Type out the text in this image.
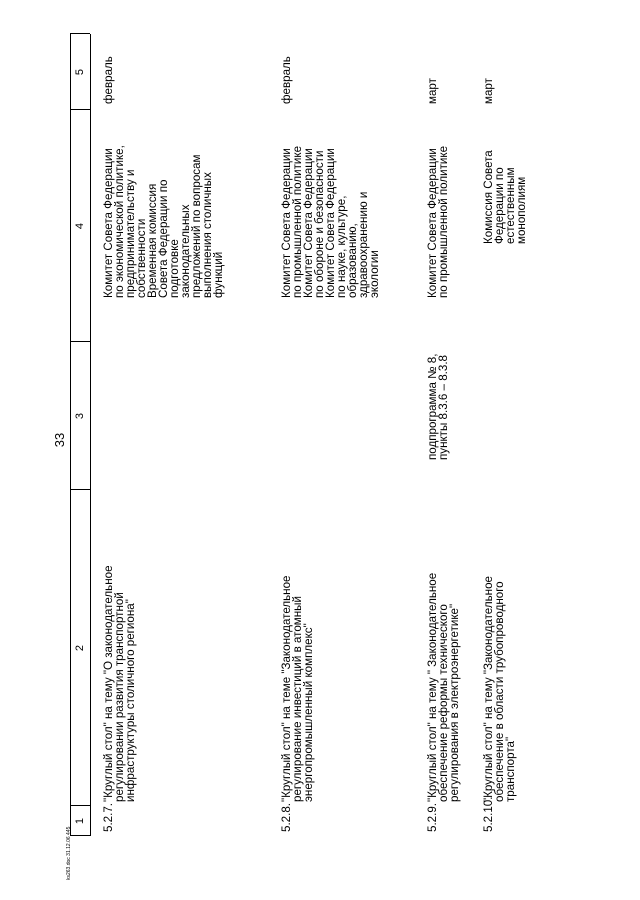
33
ks263.doc 31.12.06 445
1
2
3
4
5
5.2.7.
"Круглый стол" на тему "О законодательное
регулировании развития транспортной
инфраструктуры столичного региона"
Комитет Совета Федерации
по экономической политике,
предпринимательству и
собственности
Временная комиссия
Совета Федерации по
подготовке
законодательных
предложений по вопросам
выполнения столичных
функций
февраль
5.2.8.
"Круглый стол" на теме "Законодательное
регулирование инвестиций в атомный
энергопромышленный комплекс"
Комитет Совета Федерации
по промышленной политике
Комитет Совета Федерации
по обороне и безопасности
Комитет Совета Федерации
по науке, культуре,
образованию,
здравоохранению и
экологии
февраль
5.2.9.
"Круглый стол" на тему " Законодательное
обеспечение реформы технического
регулирования в электроэнергетике"
подпрограмма № 8,
пункты 8.3.6 – 8.3.8
Комитет Совета Федерации
по промышленной политике
март
5.2.10.
"Круглый стол" на тему "Законодательное
обеспечение в области трубопроводного
транспорта"
Комиссия Совета
Федерации по
естественным монополиям
март
